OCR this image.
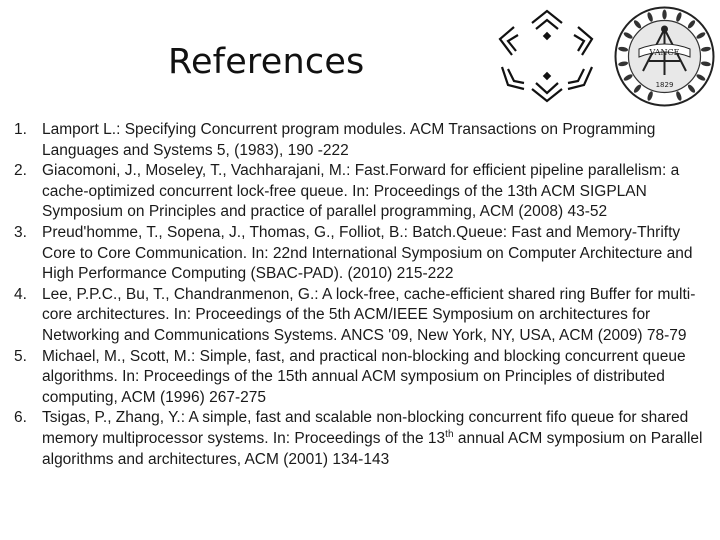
References	VANCE
1829
1. Lamport L.: Specifying Concurrent program modules. ACM Transactions on Programming Languages and Systems 5, (1983), 190 -222
2. Giacomoni, J., Moseley, T., Vachharajani, M.: Fast.Forward for efficient pipeline parallelism: a cache-optimized concurrent lock-free queue. In: Proceedings of the 13th ACM SIGPLAN Symposium on Principles and practice of parallel programming, ACM (2008) 43-52
3. Preud'homme, T., Sopena, J., Thomas, G., Folliot, B.: Batch.Queue: Fast and Memory-Thrifty Core to Core Communication. In: 22nd International Symposium on Computer Architecture and High Performance Computing (SBAC-PAD). (2010) 215-222
4. Lee, P.P.C., Bu, T., Chandranmenon, G.: A lock-free, cache-efficient shared ring Buffer for multi-core architectures. In: Proceedings of the 5th ACM/IEEE Symposium on architectures for Networking and Communications Systems. ANCS '09, New York, NY, USA, ACM (2009) 78-79
5. Michael, M., Scott, M.: Simple, fast, and practical non-blocking and blocking concurrent queue algorithms. In: Proceedings of the 15th annual ACM symposium on Principles of distributed computing, ACM (1996) 267-275
6. Tsigas, P., Zhang, Y.: A simple, fast and scalable non-blocking concurrent fifo queue for shared memory multiprocessor systems. In: Proceedings of the 13th annual ACM symposium on Parallel algorithms and architectures, ACM (2001) 134-143
